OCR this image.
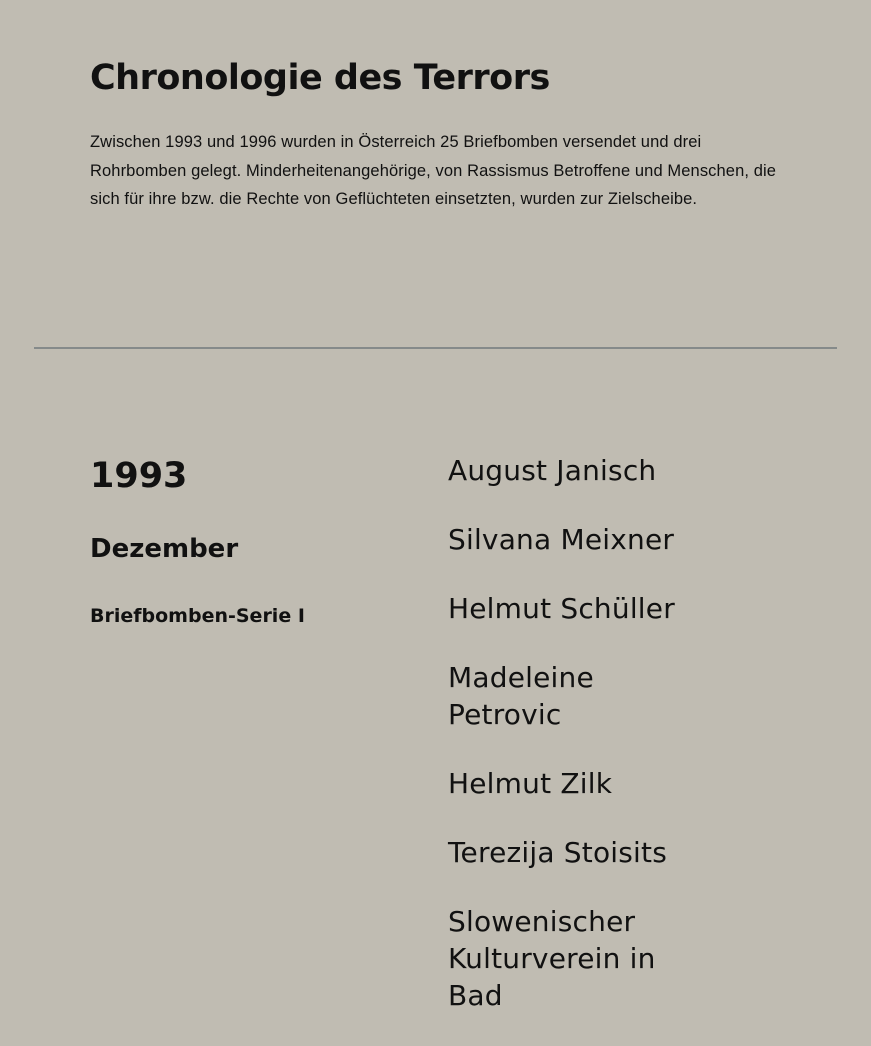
Chronologie des Terrors

Zwischen 1993 und 1996 wurden in Österreich 25 Briefbomben versendet und drei Rohrbomben gelegt. Minderheitenangehörige, von Rassismus Betroffene und Menschen, die sich für ihre bzw. die Rechte von Geflüchteten einsetzten, wurden zur Zielscheibe.

1993
Dezember
Briefbomben-Serie I
August Janisch
Silvana Meixner
Helmut Schüller
Madeleine Petrovic
Helmut Zilk
Terezija Stoisits
Slowenischer Kulturverein in Bad
